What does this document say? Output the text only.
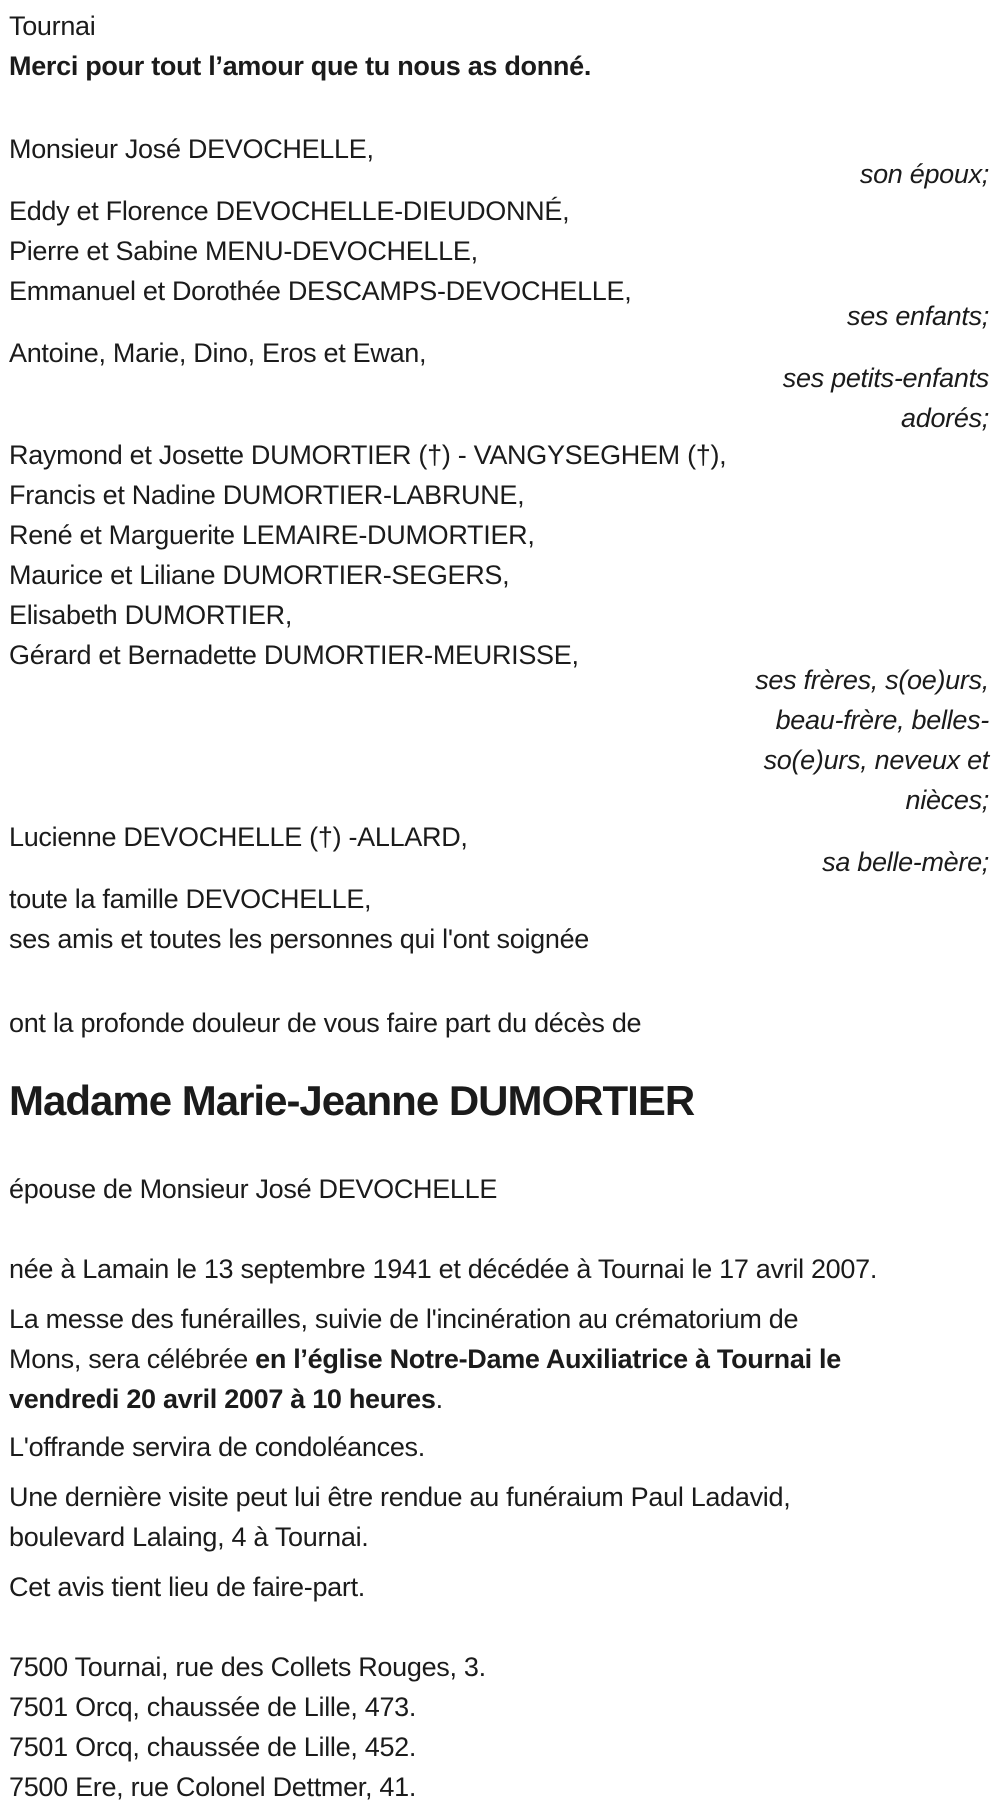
Tournai
Merci pour tout l’amour que tu nous as donné.
Monsieur José DEVOCHELLE,
son époux;
Eddy et Florence DEVOCHELLE-DIEUDONNÉ,
Pierre et Sabine MENU-DEVOCHELLE,
Emmanuel et Dorothée DESCAMPS-DEVOCHELLE,
ses enfants;
Antoine, Marie, Dino, Eros et Ewan,
ses petits-enfants
adorés;
Raymond et Josette DUMORTIER (†) - VANGYSEGHEM (†),
Francis et Nadine DUMORTIER-LABRUNE,
René et Marguerite LEMAIRE-DUMORTIER,
Maurice et Liliane DUMORTIER-SEGERS,
Elisabeth DUMORTIER,
Gérard et Bernadette DUMORTIER-MEURISSE,
ses frères, s(oe)urs,
beau-frère, belles-
so(e)urs, neveux et
nièces;
Lucienne DEVOCHELLE (†) -ALLARD,
sa belle-mère;
toute la famille DEVOCHELLE,
ses amis et toutes les personnes qui l'ont soignée
ont la profonde douleur de vous faire part du décès de
Madame Marie-Jeanne DUMORTIER
épouse de Monsieur José DEVOCHELLE
née à Lamain le 13 septembre 1941 et décédée à Tournai le 17 avril 2007.
La messe des funérailles, suivie de l'incinération au crématorium de
Mons, sera célébrée en l’église Notre-Dame Auxiliatrice à Tournai le
vendredi 20 avril 2007 à 10 heures.
L'offrande servira de condoléances.
Une dernière visite peut lui être rendue au funéraium Paul Ladavid,
boulevard Lalaing, 4 à Tournai.
Cet avis tient lieu de faire-part.
7500 Tournai, rue des Collets Rouges, 3.
7501 Orcq, chaussée de Lille, 473.
7501 Orcq, chaussée de Lille, 452.
7500 Ere, rue Colonel Dettmer, 41.
